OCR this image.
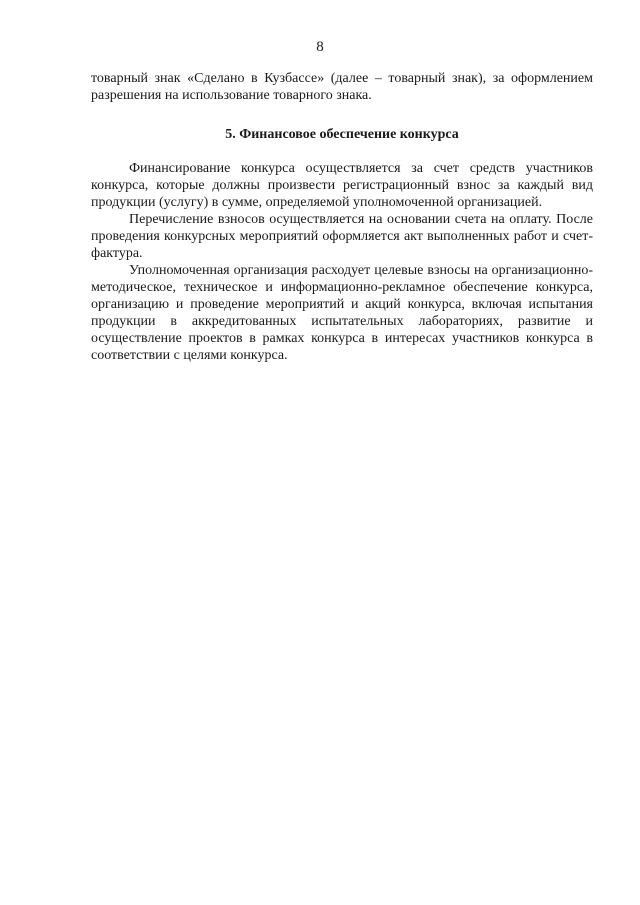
8

товарный знак «Сделано в Кузбассе» (далее – товарный знак), за оформлением разрешения на использование товарного знака.

5. Финансовое обеспечение конкурса

Финансирование конкурса осуществляется за счет средств участников конкурса, которые должны произвести регистрационный взнос за каждый вид продукции (услугу) в сумме, определяемой уполномоченной организацией.

Перечисление взносов осуществляется на основании счета на оплату. После проведения конкурсных мероприятий оформляется акт выполненных работ и счет-фактура.

Уполномоченная организация расходует целевые взносы на организационно-методическое, техническое и информационно-рекламное обеспечение конкурса, организацию и проведение мероприятий и акций конкурса, включая испытания продукции в аккредитованных испытательных лабораториях, развитие и осуществление проектов в рамках конкурса в интересах участников конкурса в соответствии с целями конкурса.
